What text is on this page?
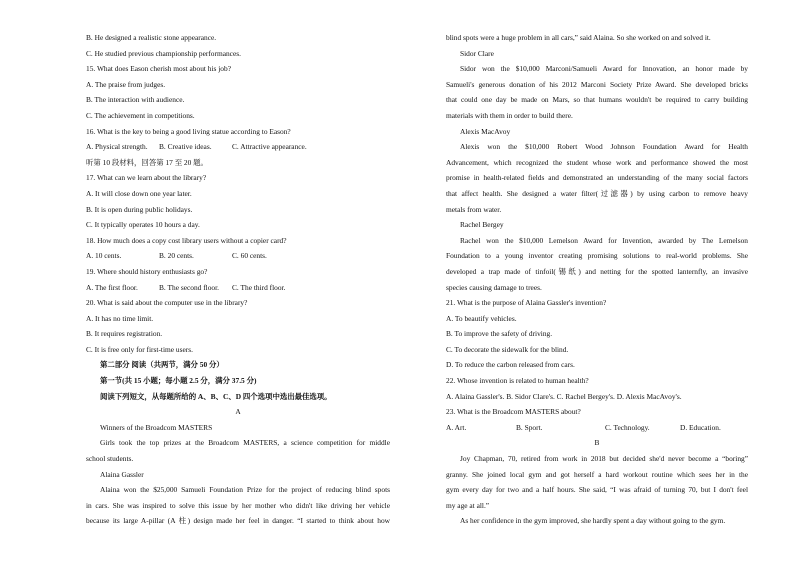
B. He designed a realistic stone appearance.
C. He studied previous championship performances.
15. What does Eason cherish most about his job?
A. The praise from judges.
B. The interaction with audience.
C. The achievement in competitions.
16. What is the key to being a good living statue according to Eason?
A. Physical strength. B. Creative ideas.	C. Attractive appearance.
听第 10 段材料，回答第 17 至 20 题。
17. What can we learn about the library?
A. It will close down one year later.
B. It is open during public holidays.
C. It typically operates 10 hours a day.
18. How much does a copy cost library users without a copier card?
A. 10 cents.	B. 20 cents.	C. 60 cents.
19. Where should history enthusiasts go?
A. The first floor.	B. The second floor. C. The third floor.
20. What is said about the computer use in the library?
A. It has no time limit.
B. It requires registration.
C. It is free only for first-time users.
第二部分 阅读（共两节，满分 50 分）
第一节(共 15 小题；每小题 2.5 分，满分 37.5 分)
阅读下列短文，从每题所给的 A、B、C、D 四个选项中选出最佳选项。
A
Winners of the Broadcom MASTERS
Girls took the top prizes at the Broadcom MASTERS, a science competition for middle
school students.
Alaina Gassler
Alaina won the $25,000 Samueli Foundation Prize for the project of reducing blind spots
in cars. She was inspired to solve this issue by her mother who didn't like driving her vehicle
because its large A-pillar (A 柱) design made her feel in danger. “I started to think about how
blind spots were a huge problem in all cars,” said Alaina. So she worked on and solved it.
Sidor Clare
Sidor won the $10,000 Marconi/Samueli Award for Innovation, an honor made by
Samueli's generous donation of his 2012 Marconi Society Prize Award. She developed bricks
that could one day be made on Mars, so that humans wouldn't be required to carry building
materials with them in order to build there.
Alexis MacAvoy
Alexis won the $10,000 Robert Wood Johnson Foundation Award for Health
Advancement, which recognized the student whose work and performance showed the most
promise in health-related fields and demonstrated an understanding of the many social factors
that affect health. She designed a water filter(过滤器) by using carbon to remove heavy
metals from water.
Rachel Bergey
Rachel won the $10,000 Lemelson Award for Invention, awarded by The Lemelson
Foundation to a young inventor creating promising solutions to real-world problems. She
developed a trap made of tinfoil(锡纸) and netting for the spotted lanternfly, an invasive
species causing damage to trees.
21. What is the purpose of Alaina Gassler's invention?
A. To beautify vehicles.
B. To improve the safety of driving.
C. To decorate the sidewalk for the blind.
D. To reduce the carbon released from cars.
22. Whose invention is related to human health?
A. Alaina Gassler's. B. Sidor Clare's. C. Rachel Bergey's. D. Alexis MacAvoy's.
23. What is the Broadcom MASTERS about?
A. Art.	B. Sport.	C. Technology.	D. Education.
B
Joy Chapman, 70, retired from work in 2018 but decided she'd never become a “boring”
granny. She joined local gym and got herself a hard workout routine which sees her in the
gym every day for two and a half hours. She said, “I was afraid of turning 70, but I don't feel
my age at all.”
As her confidence in the gym improved, she hardly spent a day without going to the gym.
